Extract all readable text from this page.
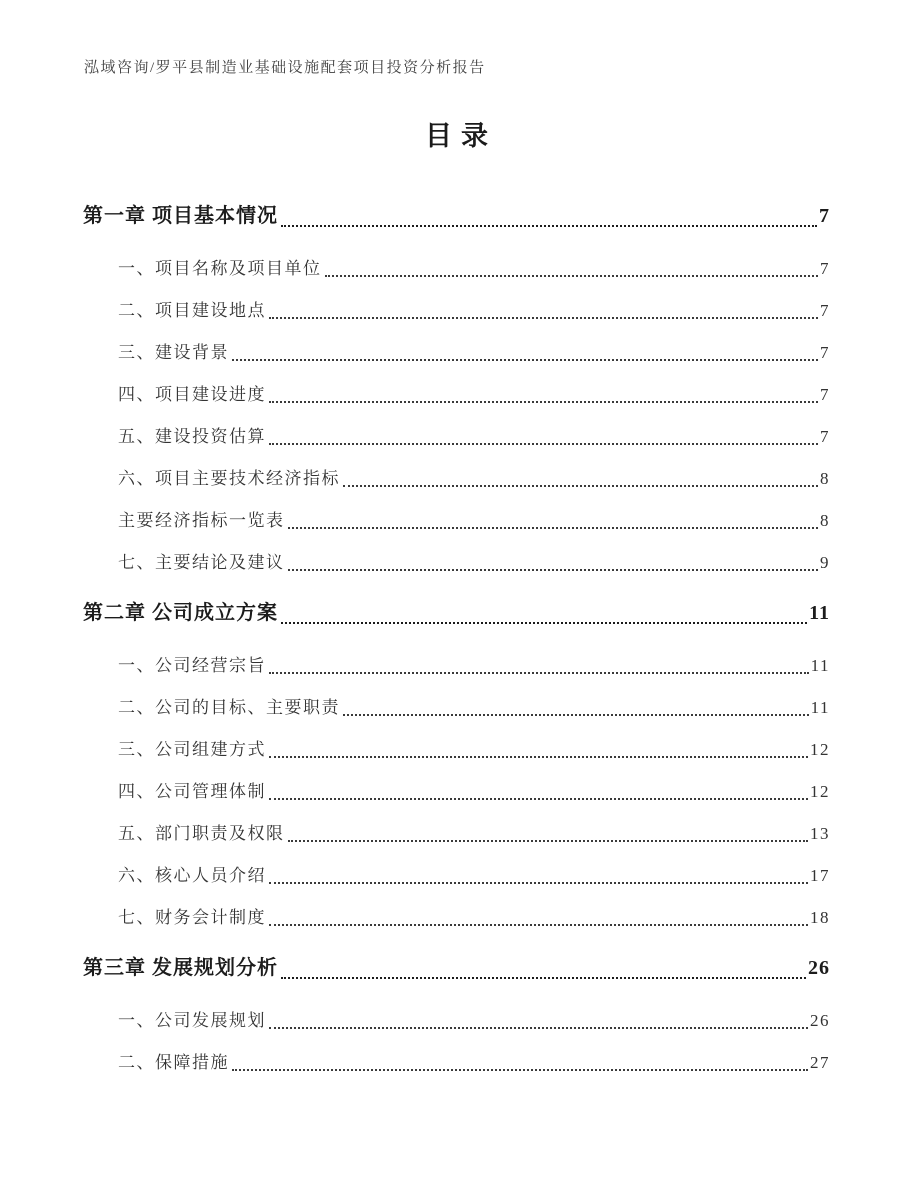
泓域咨询/罗平县制造业基础设施配套项目投资分析报告
目录
第一章 项目基本情况	7
一、项目名称及项目单位	7
二、项目建设地点	7
三、建设背景	7
四、项目建设进度	7
五、建设投资估算	7
六、项目主要技术经济指标	8
主要经济指标一览表	8
七、主要结论及建议	9
第二章 公司成立方案	11
一、公司经营宗旨	11
二、公司的目标、主要职责	11
三、公司组建方式	12
四、公司管理体制	12
五、部门职责及权限	13
六、核心人员介绍	17
七、财务会计制度	18
第三章 发展规划分析	26
一、公司发展规划	26
二、保障措施	27
